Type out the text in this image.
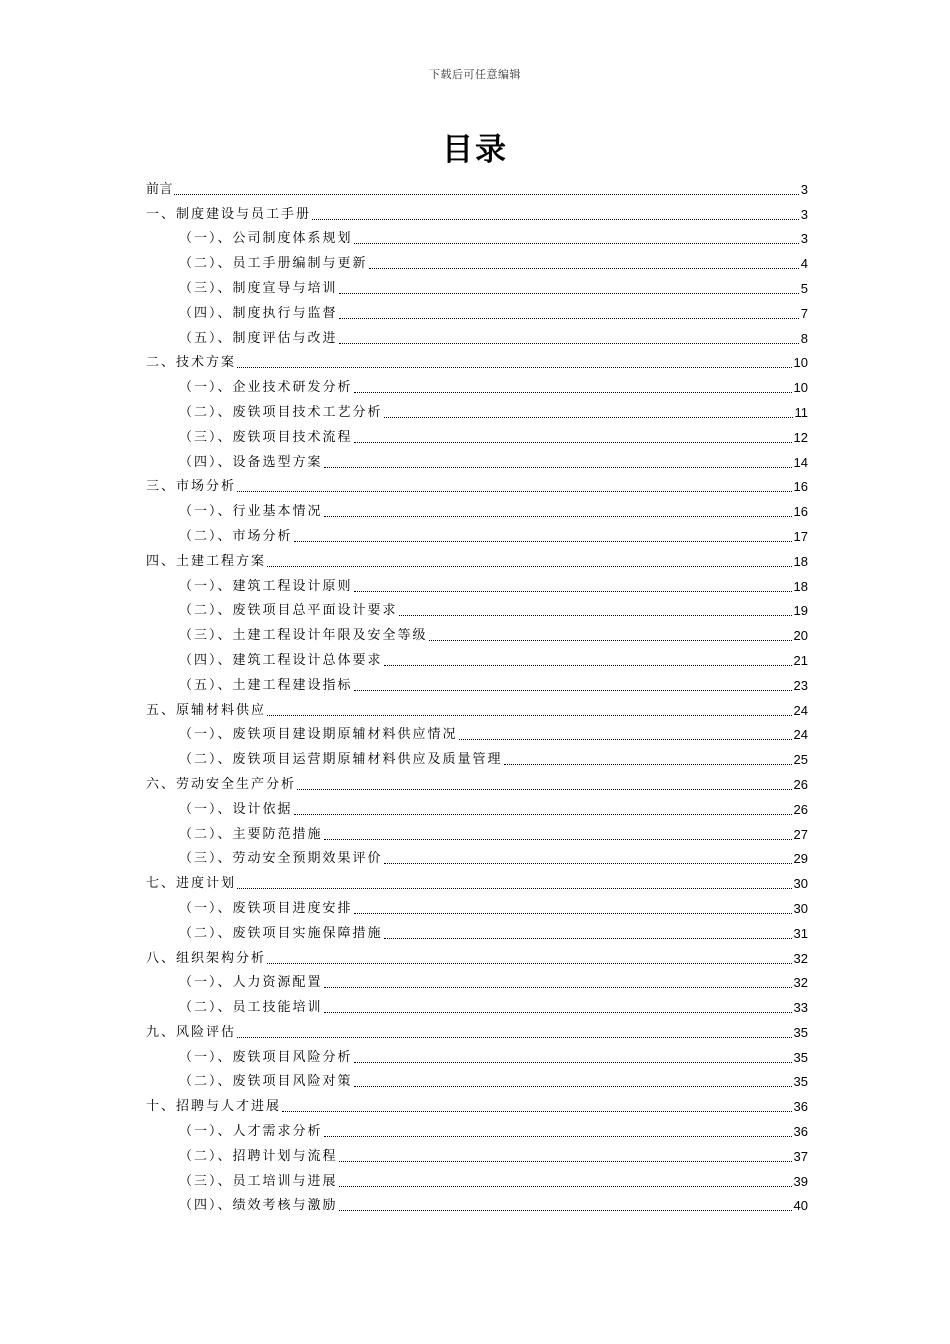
下载后可任意编辑
目录
前言	3
一、制度建设与员工手册	3
（一）、公司制度体系规划	3
（二）、员工手册编制与更新	4
（三）、制度宣导与培训	5
（四）、制度执行与监督	7
（五）、制度评估与改进	8
二、技术方案	10
（一）、企业技术研发分析	10
（二）、废铁项目技术工艺分析	11
（三）、废铁项目技术流程	12
（四）、设备选型方案	14
三、市场分析	16
（一）、行业基本情况	16
（二）、市场分析	17
四、土建工程方案	18
（一）、建筑工程设计原则	18
（二）、废铁项目总平面设计要求	19
（三）、土建工程设计年限及安全等级	20
（四）、建筑工程设计总体要求	21
（五）、土建工程建设指标	23
五、原辅材料供应	24
（一）、废铁项目建设期原辅材料供应情况	24
（二）、废铁项目运营期原辅材料供应及质量管理	25
六、劳动安全生产分析	26
（一）、设计依据	26
（二）、主要防范措施	27
（三）、劳动安全预期效果评价	29
七、进度计划	30
（一）、废铁项目进度安排	30
（二）、废铁项目实施保障措施	31
八、组织架构分析	32
（一）、人力资源配置	32
（二）、员工技能培训	33
九、风险评估	35
（一）、废铁项目风险分析	35
（二）、废铁项目风险对策	35
十、招聘与人才进展	36
（一）、人才需求分析	36
（二）、招聘计划与流程	37
（三）、员工培训与进展	39
（四）、绩效考核与激励	40
